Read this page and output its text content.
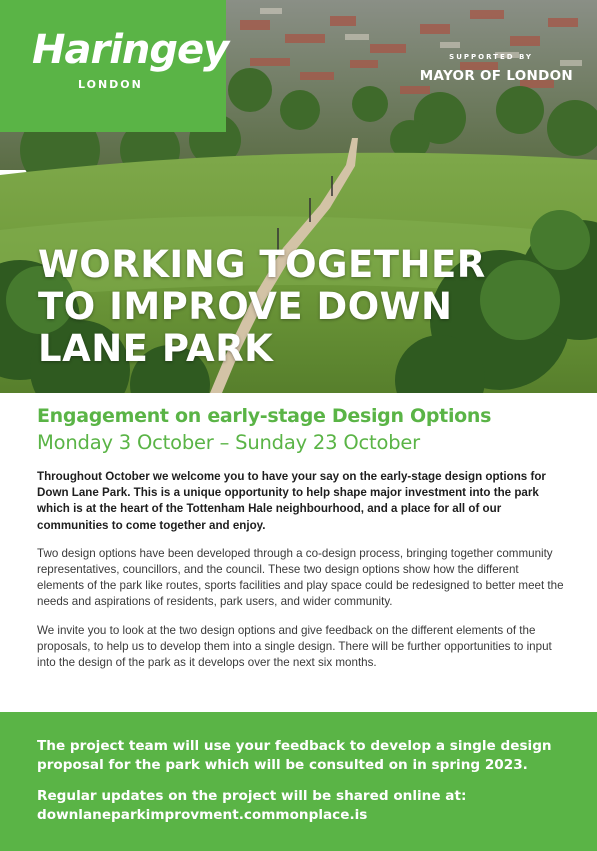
Haringey
LONDON
SUPPORTED BY
MAYOR OF LONDON
WORKING TOGETHER
TO IMPROVE DOWN
LANE PARK
Engagement on early-stage Design Options

Monday 3 October – Sunday 23 October

Throughout October we welcome you to have your say on the early-stage design options for Down Lane Park. This is a unique opportunity to help shape major investment into the park which is at the heart of the Tottenham Hale neighbourhood, and a place for all of our communities to come together and enjoy.

Two design options have been developed through a co-design process, bringing together community representatives, councillors, and the council. These two design options show how the different elements of the park like routes, sports facilities and play space could be redesigned to better meet the needs and aspirations of residents, park users, and wider community.

We invite you to look at the two design options and give feedback on the different elements of the proposals, to help us to develop them into a single design. There will be further opportunities to input into the design of the park as it develops over the next six months.

The project team will use your feedback to develop a single design proposal for the park which will be consulted on in spring 2023.

Regular updates on the project will be shared online at: downlaneparkimprovment.commonplace.is
